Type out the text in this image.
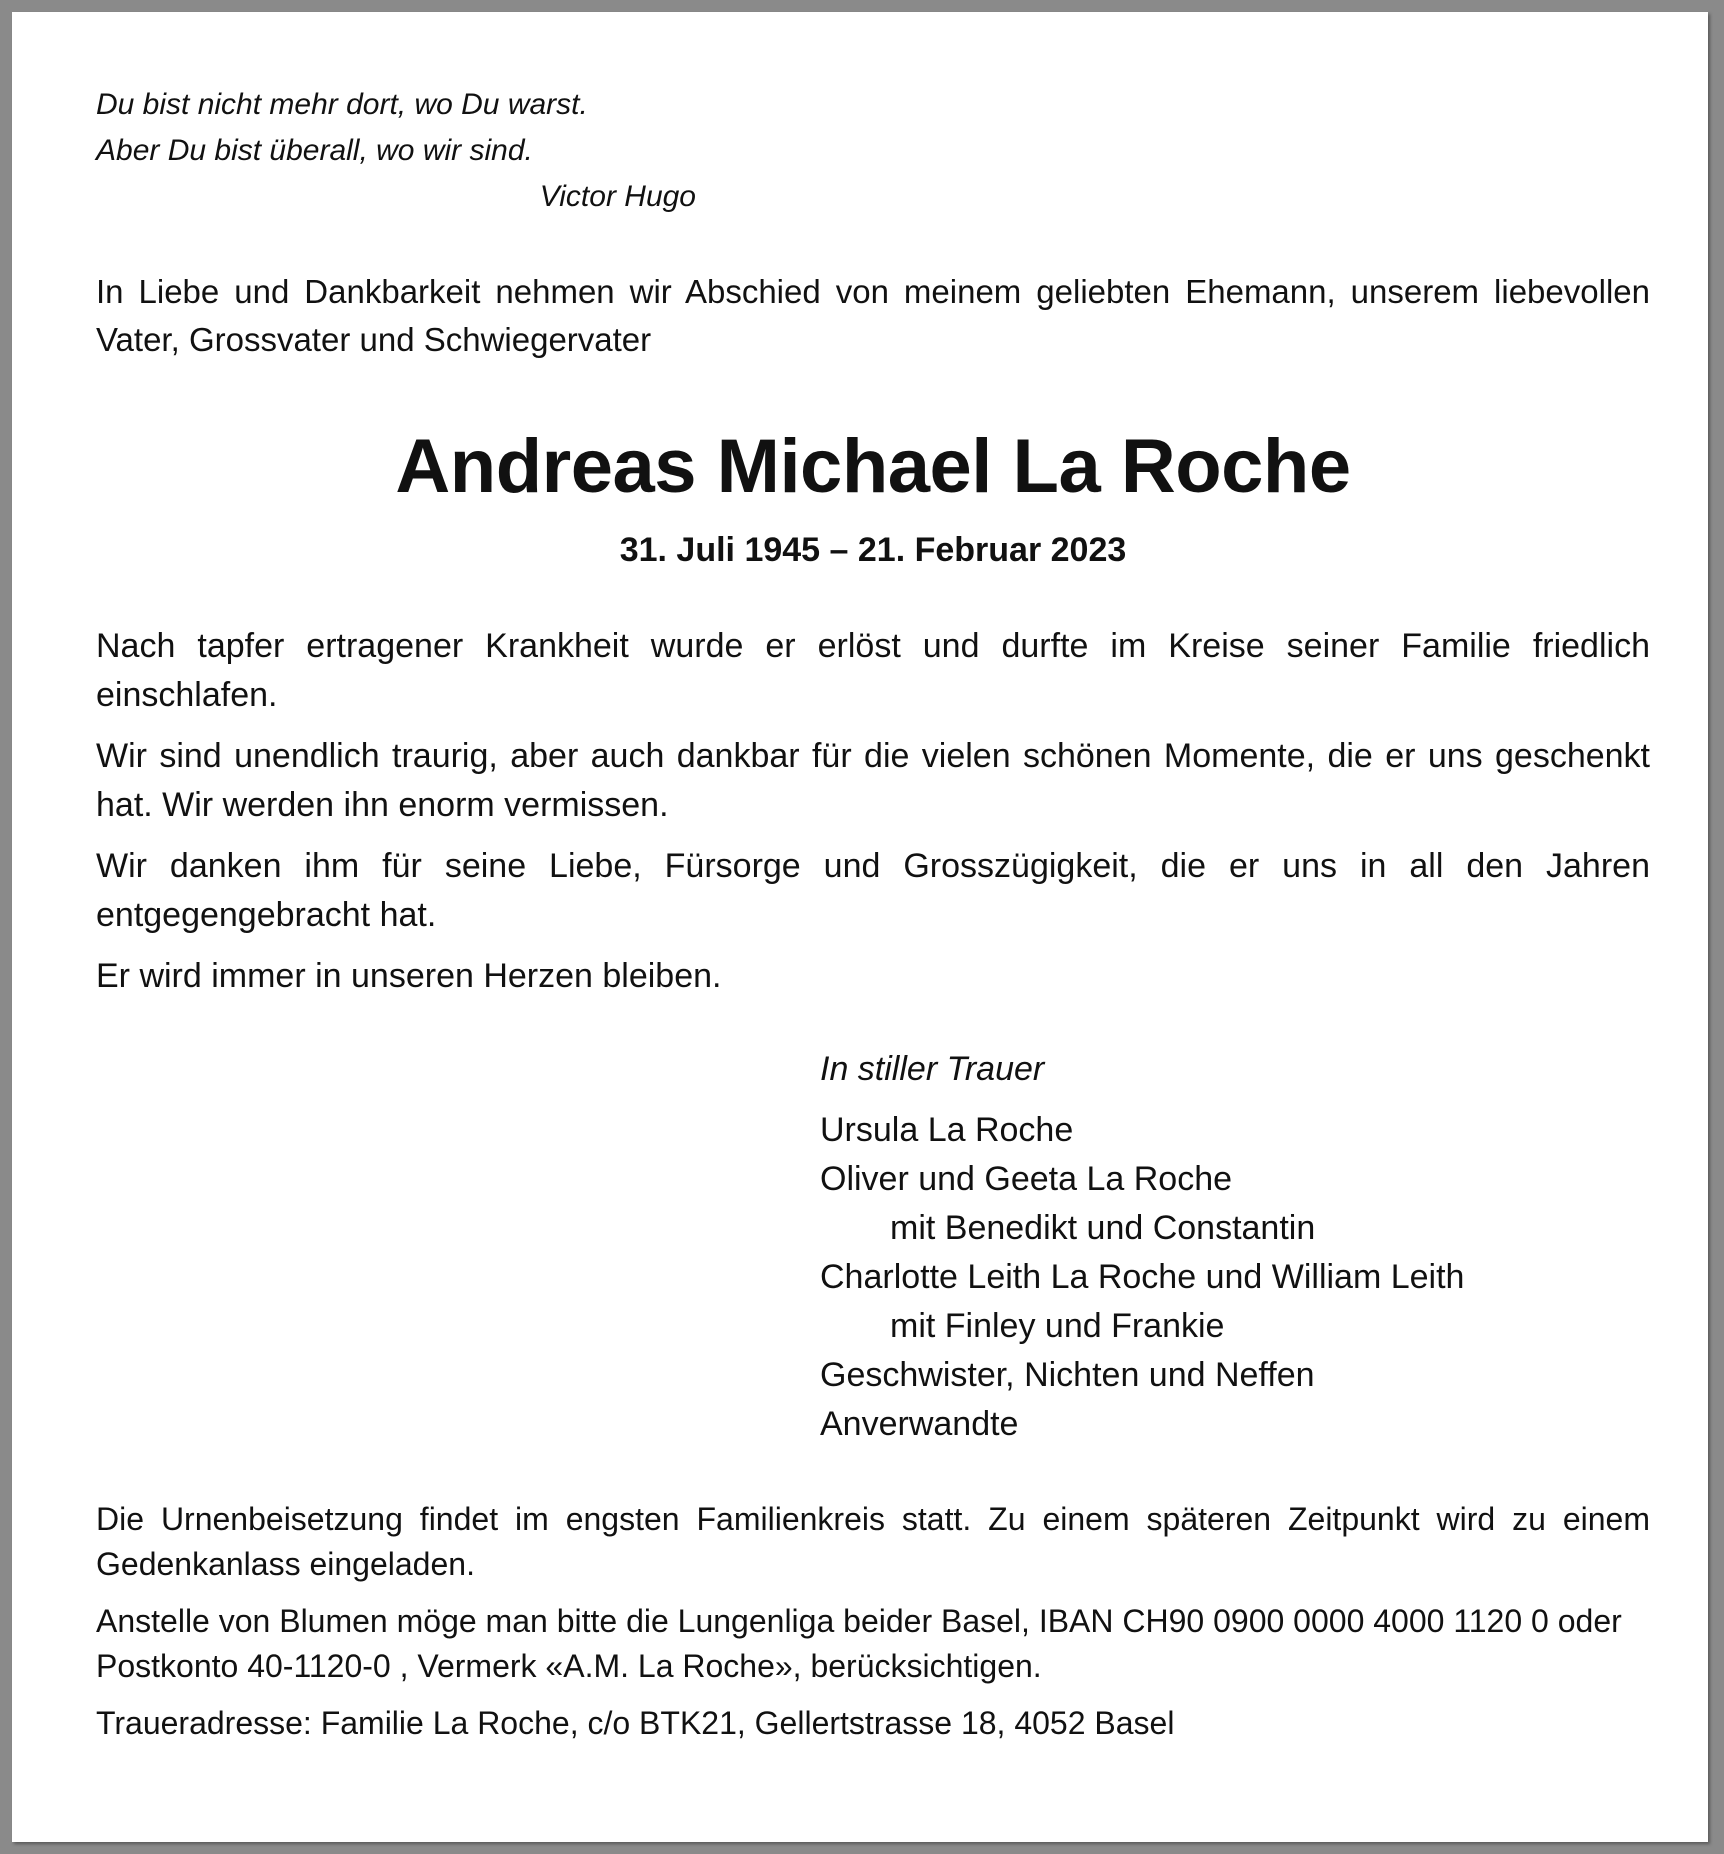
Du bist nicht mehr dort, wo Du warst.
Aber Du bist überall, wo wir sind.
Victor Hugo
In Liebe und Dankbarkeit nehmen wir Abschied von meinem geliebten Ehemann, unserem liebevollen Vater, Grossvater und Schwiegervater
Andreas Michael La Roche
31. Juli 1945 – 21. Februar 2023

Nach tapfer ertragener Krankheit wurde er erlöst und durfte im Kreise seiner Familie friedlich einschlafen.

Wir sind unendlich traurig, aber auch dankbar für die vielen schönen Momente, die er uns geschenkt hat. Wir werden ihn enorm vermissen.

Wir danken ihm für seine Liebe, Fürsorge und Grosszügigkeit, die er uns in all den Jahren entgegengebracht hat.

Er wird immer in unseren Herzen bleiben.

In stiller Trauer
Ursula La Roche
Oliver und Geeta La Roche
mit Benedikt und Constantin
Charlotte Leith La Roche und William Leith
mit Finley und Frankie
Geschwister, Nichten und Neffen
Anverwandte

Die Urnenbeisetzung findet im engsten Familienkreis statt. Zu einem späteren Zeitpunkt wird zu einem Gedenkanlass eingeladen.

Anstelle von Blumen möge man bitte die Lungenliga beider Basel, IBAN CH90 0900 0000 4000 1120 0 oder Postkonto 40-1120-0 , Vermerk «A.M. La Roche», berücksichtigen.

Traueradresse: Familie La Roche, c/o BTK21, Gellertstrasse 18, 4052 Basel
